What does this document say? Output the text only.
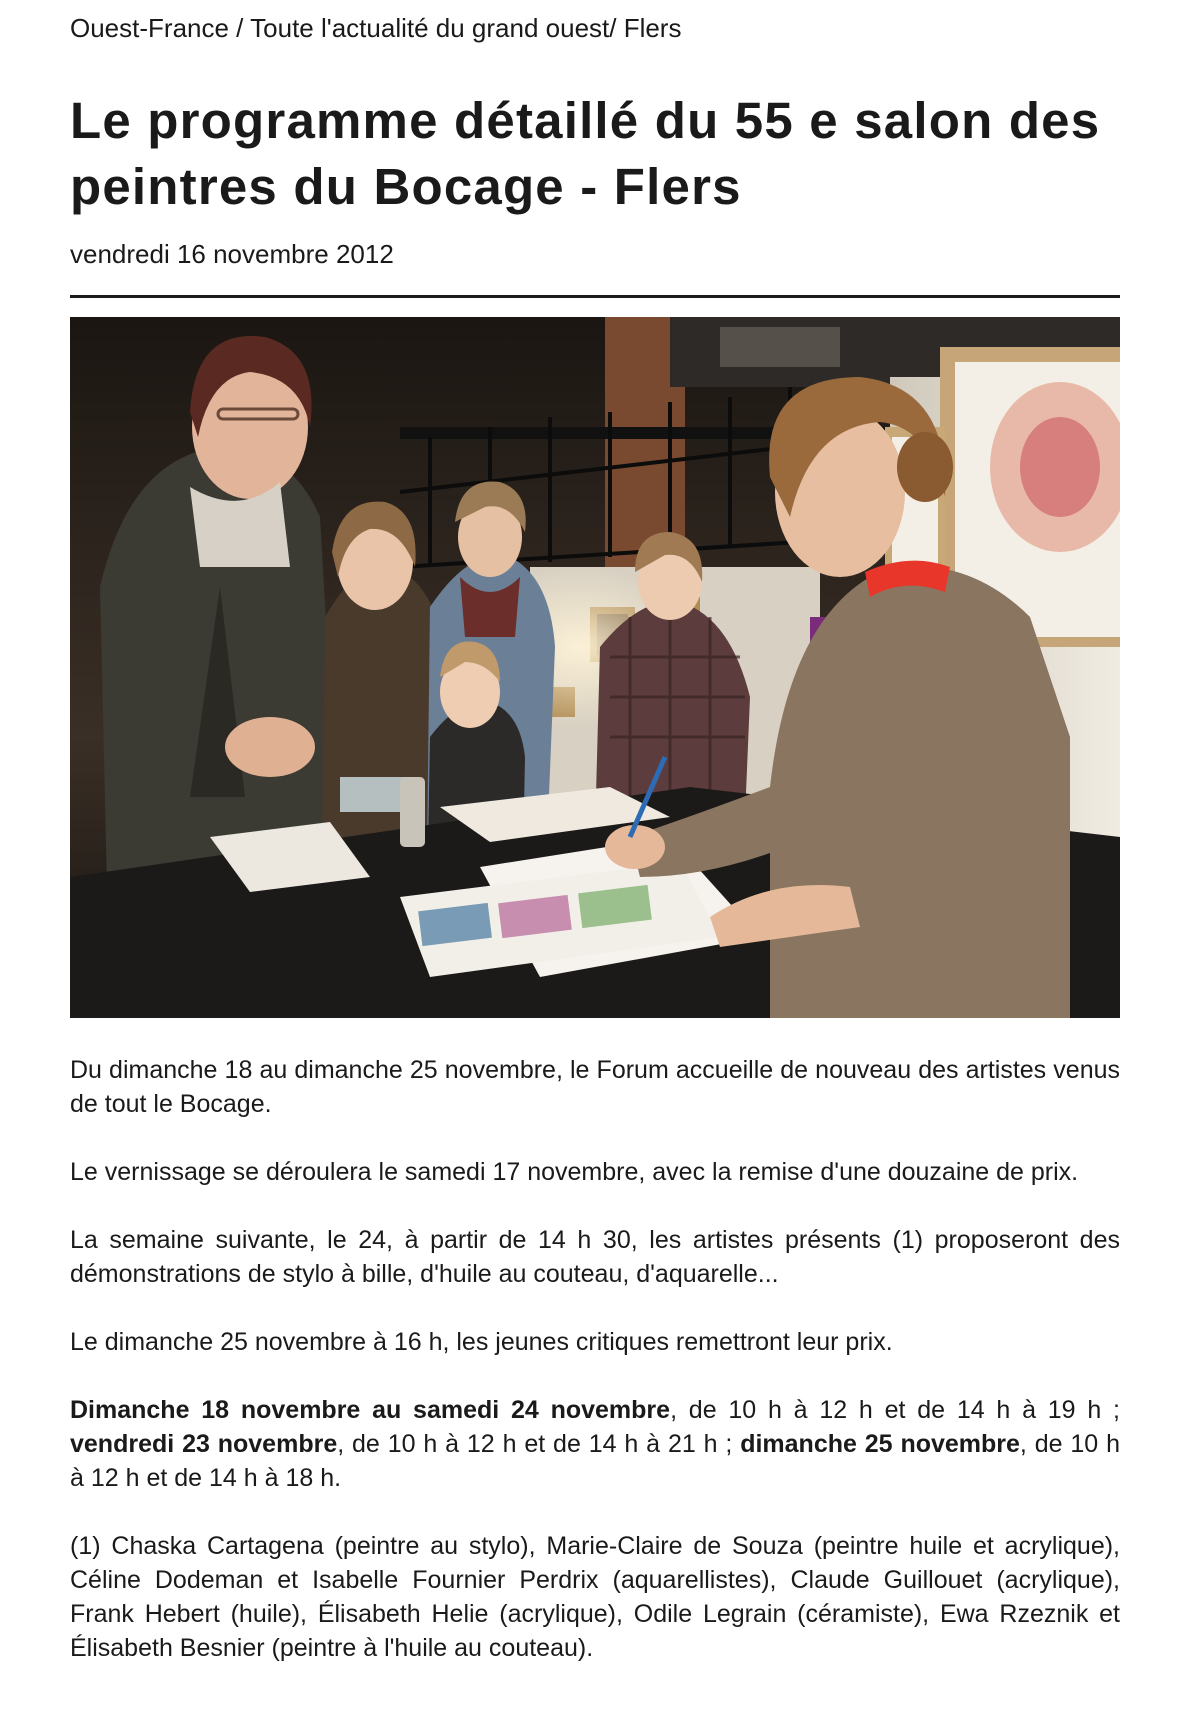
Ouest-France / Toute l'actualité du grand ouest/ Flers
Le programme détaillé du 55 e salon des peintres du Bocage - Flers
vendredi 16 novembre 2012

Du dimanche 18 au dimanche 25 novembre, le Forum accueille de nouveau des artistes venus de tout le Bocage.

Le vernissage se déroulera le samedi 17 novembre, avec la remise d'une douzaine de prix.

La semaine suivante, le 24, à partir de 14 h 30, les artistes présents (1) proposeront des démonstrations de stylo à bille, d'huile au couteau, d'aquarelle...

Le dimanche 25 novembre à 16 h, les jeunes critiques remettront leur prix.

Dimanche 18 novembre au samedi 24 novembre, de 10 h à 12 h et de 14 h à 19 h ; vendredi 23 novembre, de 10 h à 12 h et de 14 h à 21 h ; dimanche 25 novembre, de 10 h à 12 h et de 14 h à 18 h.

(1) Chaska Cartagena (peintre au stylo), Marie-Claire de Souza (peintre huile et acrylique), Céline Dodeman et Isabelle Fournier Perdrix (aquarellistes), Claude Guillouet (acrylique), Frank Hebert (huile), Élisabeth Helie (acrylique), Odile Legrain (céramiste), Ewa Rzeznik et Élisabeth Besnier (peintre à l'huile au couteau).
